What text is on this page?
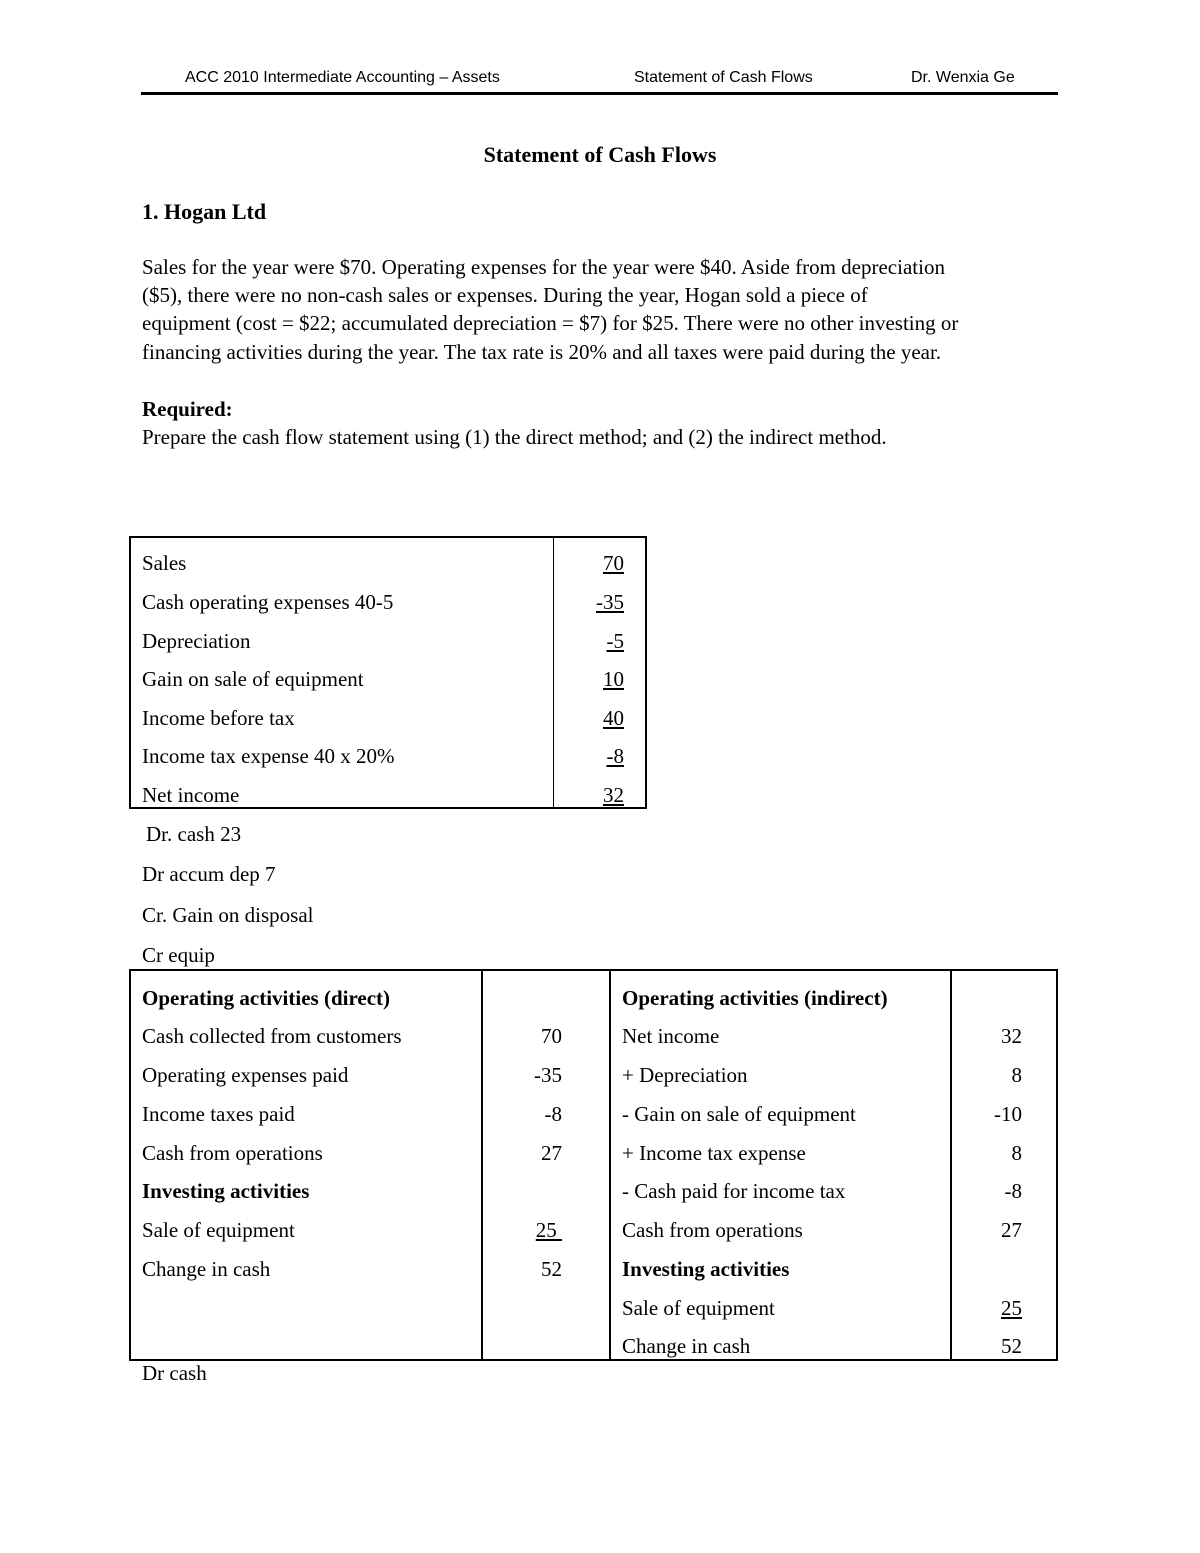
ACC 2010 Intermediate Accounting – Assets	Statement of Cash Flows	Dr. Wenxia Ge
Statement of Cash Flows
1. Hogan Ltd
Sales for the year were $70. Operating expenses for the year were $40. Aside from depreciation
($5), there were no non-cash sales or expenses. During the year, Hogan sold a piece of
equipment (cost = $22; accumulated depreciation = $7) for $25. There were no other investing or
financing activities during the year. The tax rate is 20% and all taxes were paid during the year.
Required:
Prepare the cash flow statement using (1) the direct method; and (2) the indirect method.
Sales	70
Cash operating expenses 40-5	-35
Depreciation	-5
Gain on sale of equipment	10
Income before tax	40
Income tax expense 40 x 20%	-8
Net income	32
Dr. cash 23
Dr accum dep 7
Cr. Gain on disposal
Cr equip
Operating activities (direct)
Cash collected from customers	70
Operating expenses paid	-35
Income taxes paid	-8
Cash from operations	27
Investing activities
Sale of equipment	25
Change in cash	52
Operating activities (indirect)
Net income	32
+ Depreciation	8
- Gain on sale of equipment	-10
+ Income tax expense	8
- Cash paid for income tax	-8
Cash from operations	27
Investing activities
Sale of equipment	25
Change in cash	52
Dr cash
